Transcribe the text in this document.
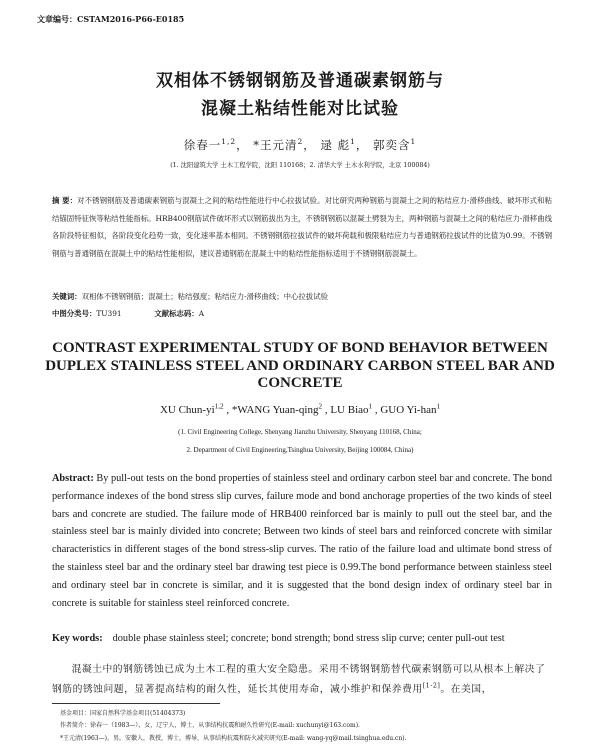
文章编号：CSTAM2016-P66-E0185
双相体不锈钢钢筋及普通碳素钢筋与
混凝土粘结性能对比试验
徐春一$^{1,2}$， *王元清$^2$， 逯 彪$^1$， 郭奕含$^1$
(1. 沈阳建筑大学 土木工程学院，沈阳 110168；2. 清华大学 土木水利学院，北京 100084)
摘 要：对不锈钢钢筋及普通碳素钢筋与混凝土之间的粘结性能进行中心拉拔试验。对比研究两种钢筋与混凝土之间的粘结应力-滑移曲线、破坏形式和粘结锚固特征恢等粘结性能指标。HRB400钢筋试件破坏形式以钢筋拔出为主，不锈钢钢筋以混凝土劈裂为主，两种钢筋与混凝土之间的粘结应力-滑移曲线各阶段特征相似，各阶段变化趋势一致，变化速率基本相同。不锈钢钢筋拉拔试件的破坏荷载和极限粘结应力与普通钢筋拉拔试件的比值为0.99。不锈钢钢筋与普通钢筋在混凝土中的粘结性能相似，建议普通钢筋在混凝土中的粘结性能指标适用于不锈钢钢筋混凝土。
关键词：双相体不锈钢钢筋；混凝土；粘结强度；粘结应力-滑移曲线；中心拉拔试验
中图分类号：TU391	文献标志码：A
CONTRAST EXPERIMENTAL STUDY OF BOND BEHAVIOR BETWEEN DUPLEX STAINLESS STEEL AND ORDINARY CARBON STEEL BAR AND CONCRETE
XU Chun-yi$^{1,2}$ , *WANG Yuan-qing$^2$ , LU Biao$^1$ , GUO Yi-han$^1$
(1. Civil Engineering College, Shenyang Jianzhu University, Shenyang 110168, China;
2. Department of Civil Engineering,Tsinghua University, Beijing 100084, China)
Abstract: By pull-out tests on the bond properties of stainless steel and ordinary carbon steel bar and concrete. The bond performance indexes of the bond stress slip curves, failure mode and bond anchorage properties of the two kinds of steel bars and concrete are studied. The failure mode of HRB400 reinforced bar is mainly to pull out the steel bar, and the stainless steel bar is mainly divided into concrete; Between two kinds of steel bars and reinforced concrete with similar characteristics in different stages of the bond stress-slip curves. The ratio of the failure load and ultimate bond stress of the stainless steel bar and the ordinary steel bar drawing test piece is 0.99.The bond performance between stainless steel and ordinary steel bar in concrete is similar, and it is suggested that the bond design index of ordinary steel bar in concrete is suitable for stainless steel reinforced concrete.
Key words: double phase stainless steel; concrete; bond strength; bond stress slip curve; center pull-out test
混凝土中的钢筋锈蚀已成为土木工程的重大安全隐患。采用不锈钢钢筋替代碳素钢筋可以从根本上解决了钢筋的锈蚀问题，显著提高结构的耐久性，延长其使用寿命，减小维护和保养费用[1-2]。在美国，
基金项目：国家自然科学基金项目(51404373)
作者简介：徐春一（1983—），女，辽宁人，博士，从事结构抗震和耐久性研究(E-mail: xuchunyi@163.com).
*王元清(1963—)，男，安徽人，教授，博士，博导，从事结构抗震和防火减灾研究(E-mail: wang-yq@mail.tsinghua.edu.cn).
